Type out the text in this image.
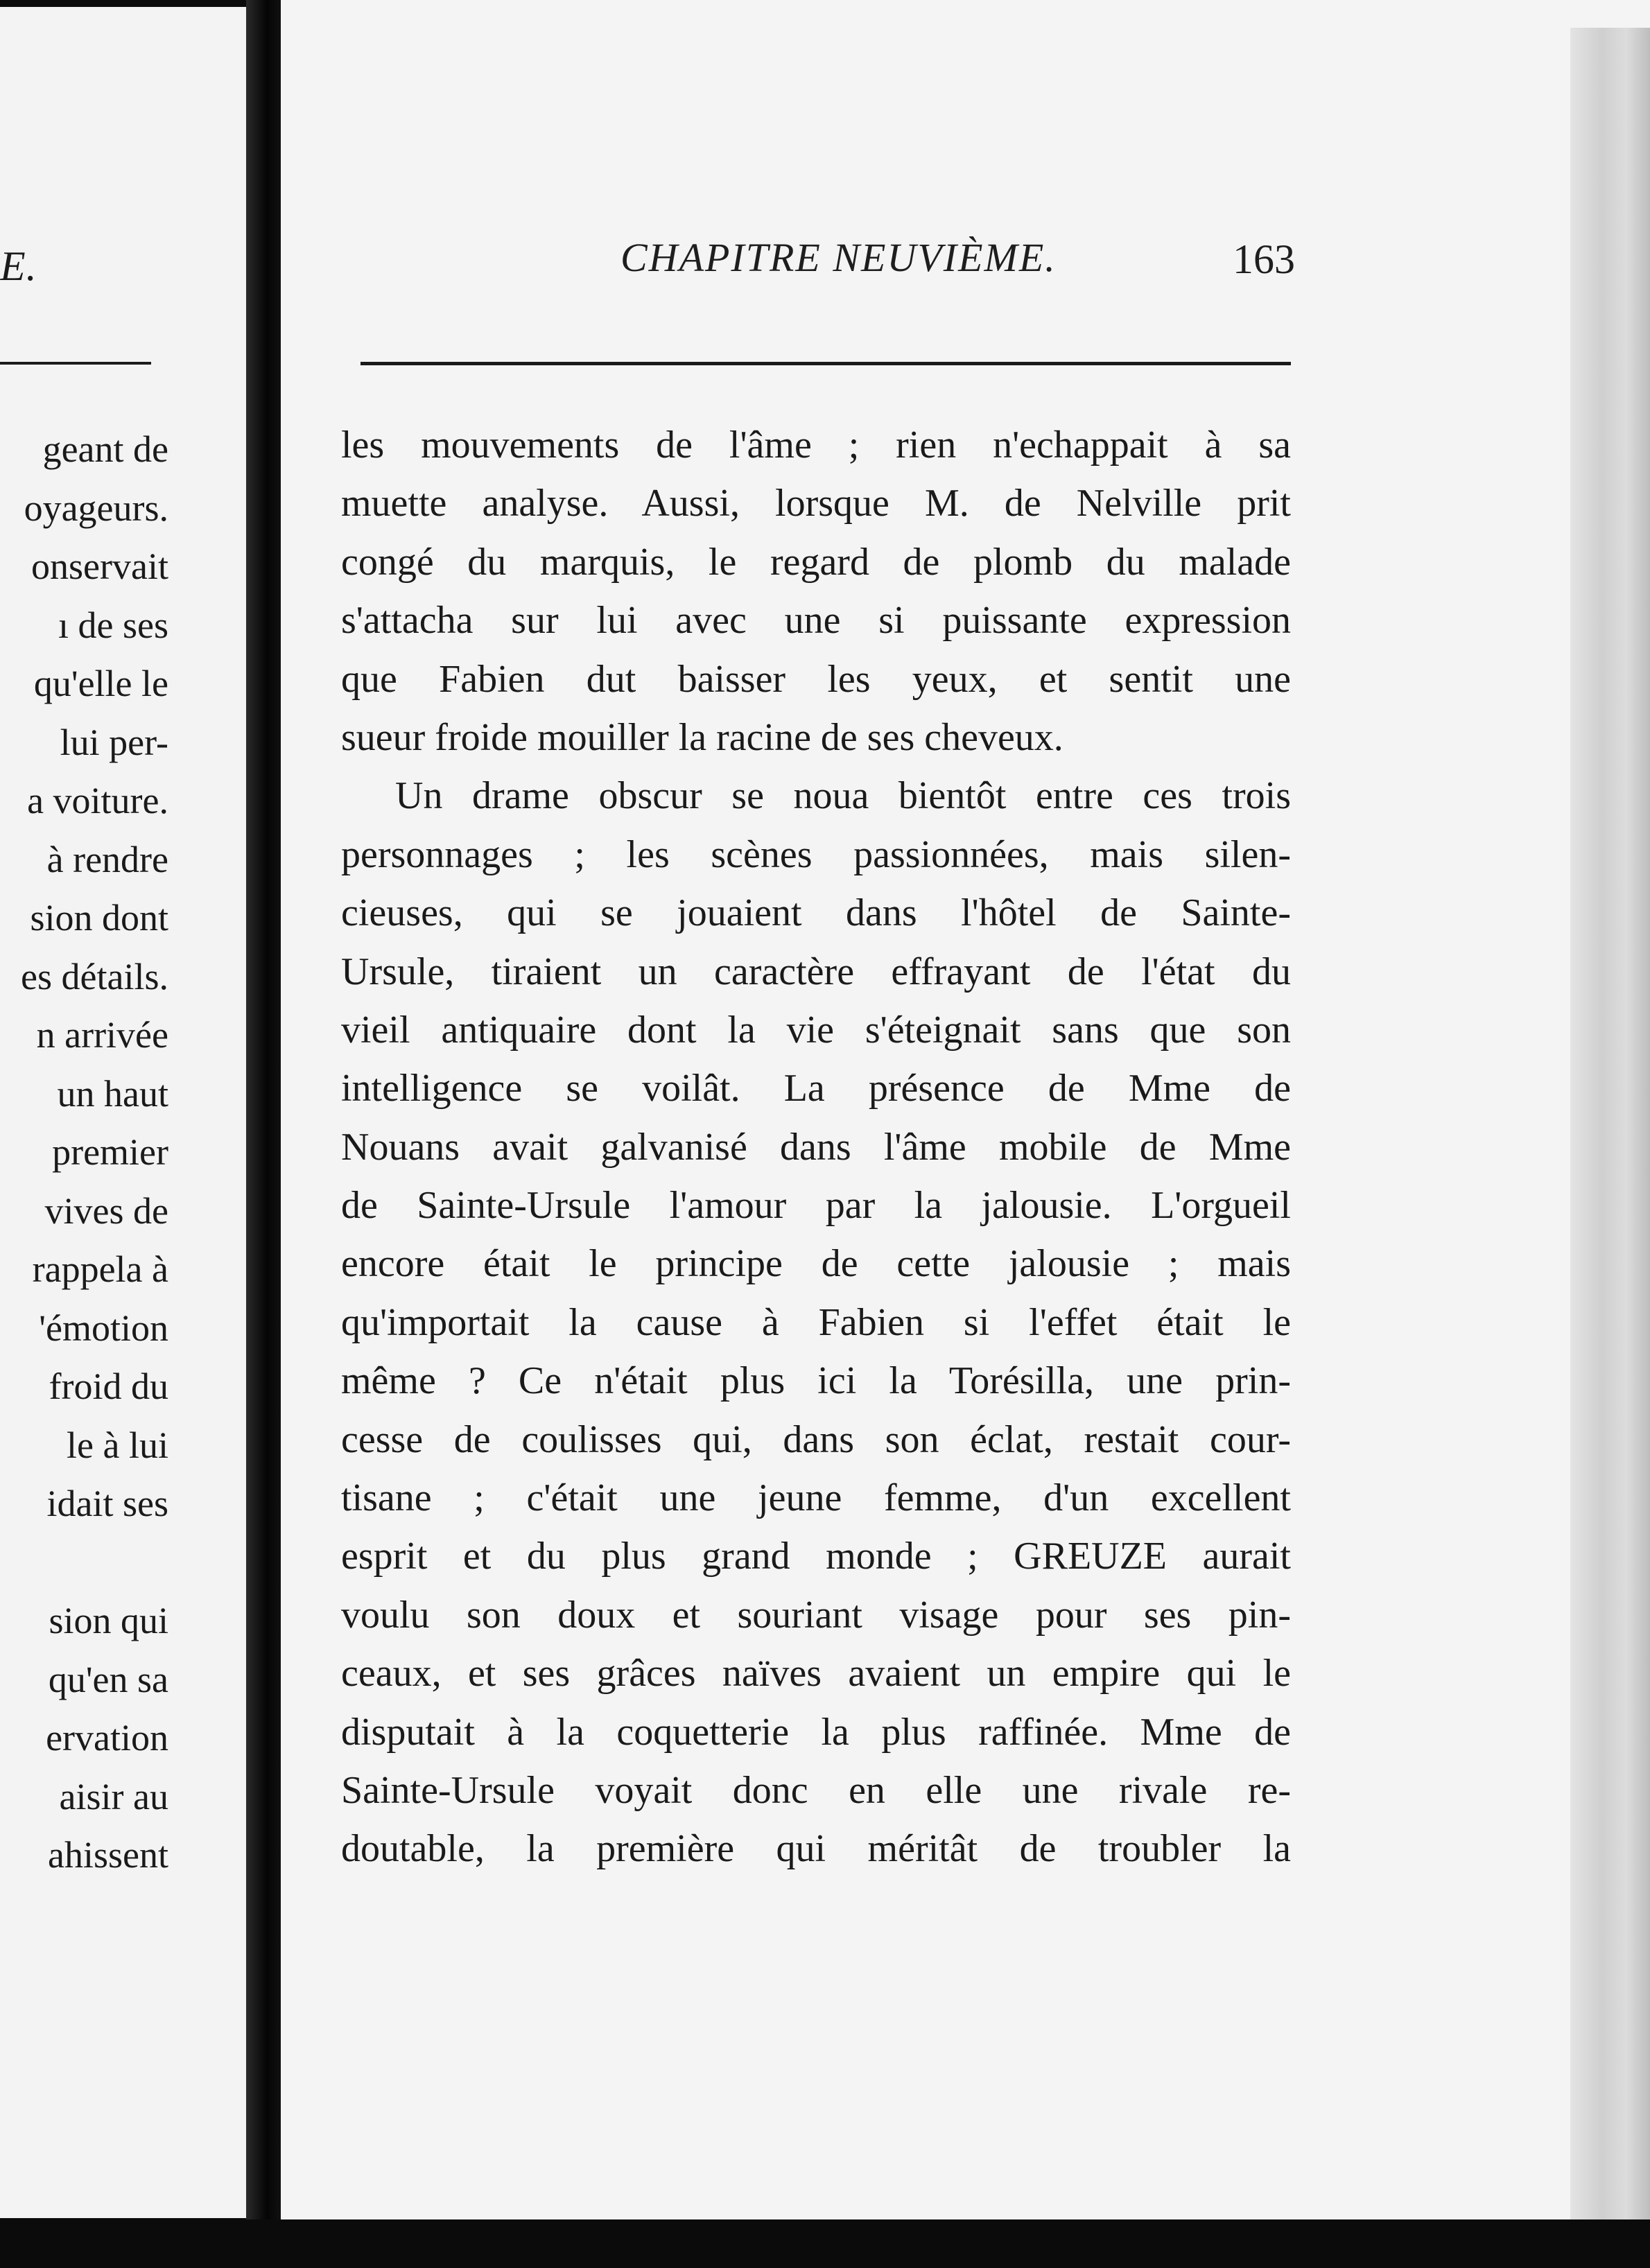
E.
geant de
oyageurs.
onservait
ı de ses
qu'elle le
lui per-
a voiture.
à rendre
sion dont
es détails.
n arrivée
un haut
premier
vives de
rappela à
'émotion
froid du
le à lui
idait ses
sion qui
qu'en sa
ervation
aisir au
ahissent
CHAPITRE NEUVIÈME.	163
les mouvements de l'âme ; rien n'echappait à sa
muette analyse. Aussi, lorsque M. de Nelville prit
congé du marquis, le regard de plomb du malade
s'attacha sur lui avec une si puissante expression
que Fabien dut baisser les yeux, et sentit une
sueur froide mouiller la racine de ses cheveux.
Un drame obscur se noua bientôt entre ces trois
personnages ; les scènes passionnées, mais silen-
cieuses, qui se jouaient dans l'hôtel de Sainte-
Ursule, tiraient un caractère effrayant de l'état du
vieil antiquaire dont la vie s'éteignait sans que son
intelligence se voilât. La présence de Mme de
Nouans avait galvanisé dans l'âme mobile de Mme
de Sainte-Ursule l'amour par la jalousie. L'orgueil
encore était le principe de cette jalousie ; mais
qu'importait la cause à Fabien si l'effet était le
même ? Ce n'était plus ici la Torésilla, une prin-
cesse de coulisses qui, dans son éclat, restait cour-
tisane ; c'était une jeune femme, d'un excellent
esprit et du plus grand monde ; GREUZE aurait
voulu son doux et souriant visage pour ses pin-
ceaux, et ses grâces naïves avaient un empire qui le
disputait à la coquetterie la plus raffinée. Mme de
Sainte-Ursule voyait donc en elle une rivale re-
doutable, la première qui méritât de troubler la
